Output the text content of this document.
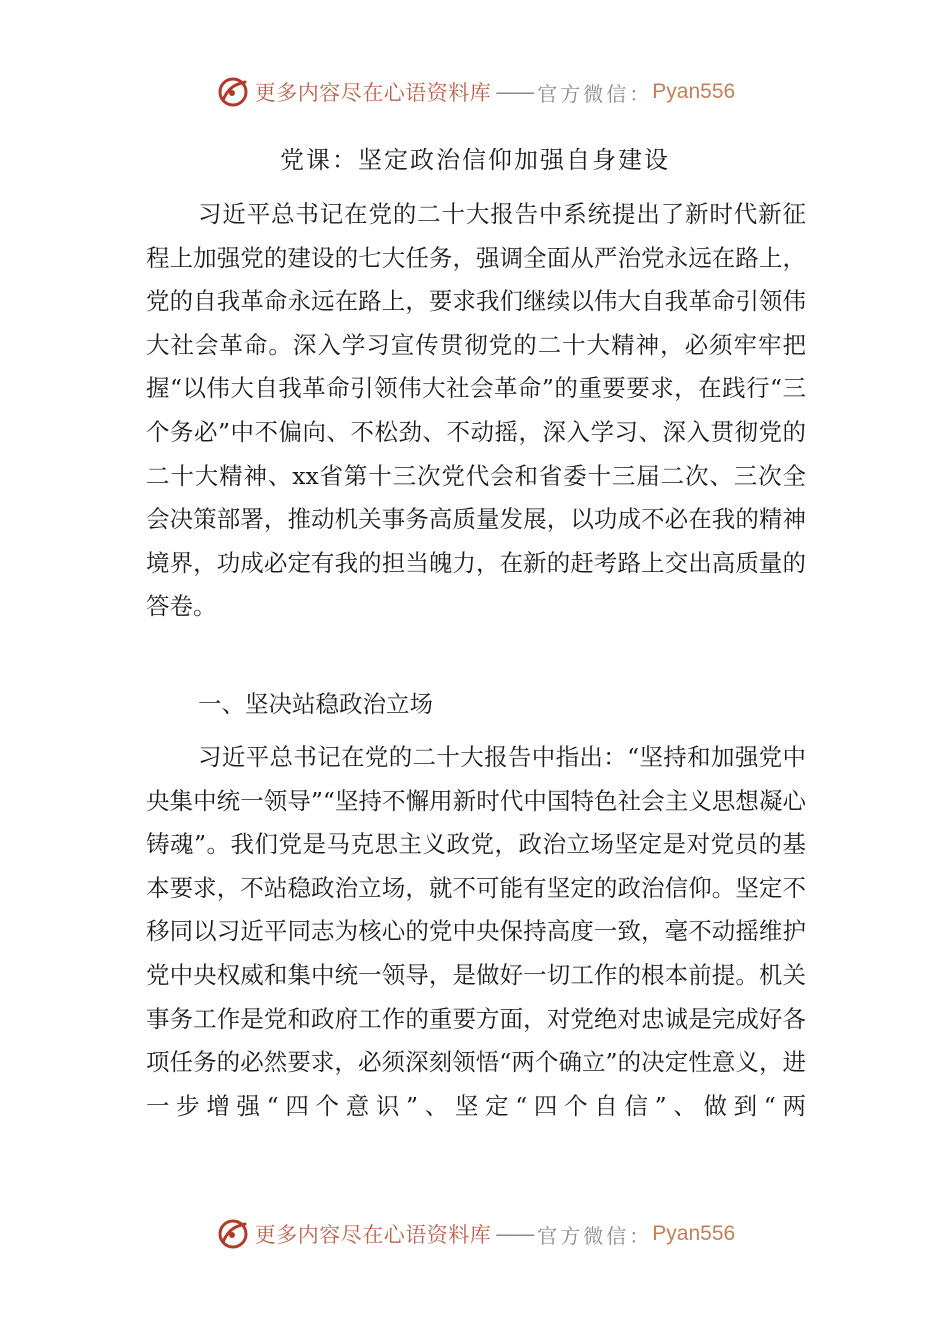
更多内容尽在心语资料库 —— 官方微信： Pyan556
党课：坚定政治信仰加强自身建设

习近平总书记在党的二十大报告中系统提出了新时代新征程上加强党的建设的七大任务，强调全面从严治党永远在路上，党的自我革命永远在路上，要求我们继续以伟大自我革命引领伟大社会革命。深入学习宣传贯彻党的二十大精神，必须牢牢把握“以伟大自我革命引领伟大社会革命”的重要要求，在践行“三个务必”中不偏向、不松劲、不动摇，深入学习、深入贯彻党的二十大精神、xx省第十三次党代会和省委十三届二次、三次全会决策部署，推动机关事务高质量发展，以功成不必在我的精神境界，功成必定有我的担当魄力，在新的赶考路上交出高质量的答卷。

一、坚决站稳政治立场

习近平总书记在党的二十大报告中指出：“坚持和加强党中央集中统一领导”“坚持不懈用新时代中国特色社会主义思想凝心铸魂”。我们党是马克思主义政党，政治立场坚定是对党员的基本要求，不站稳政治立场，就不可能有坚定的政治信仰。坚定不移同以习近平同志为核心的党中央保持高度一致，毫不动摇维护党中央权威和集中统一领导，是做好一切工作的根本前提。机关事务工作是党和政府工作的重要方面，对党绝对忠诚是完成好各项任务的必然要求，必须深刻领悟“两个确立”的决定性意义，进一步增强“四个意识”、坚定“四个自信”、做到“两

更多内容尽在心语资料库 —— 官方微信： Pyan556
